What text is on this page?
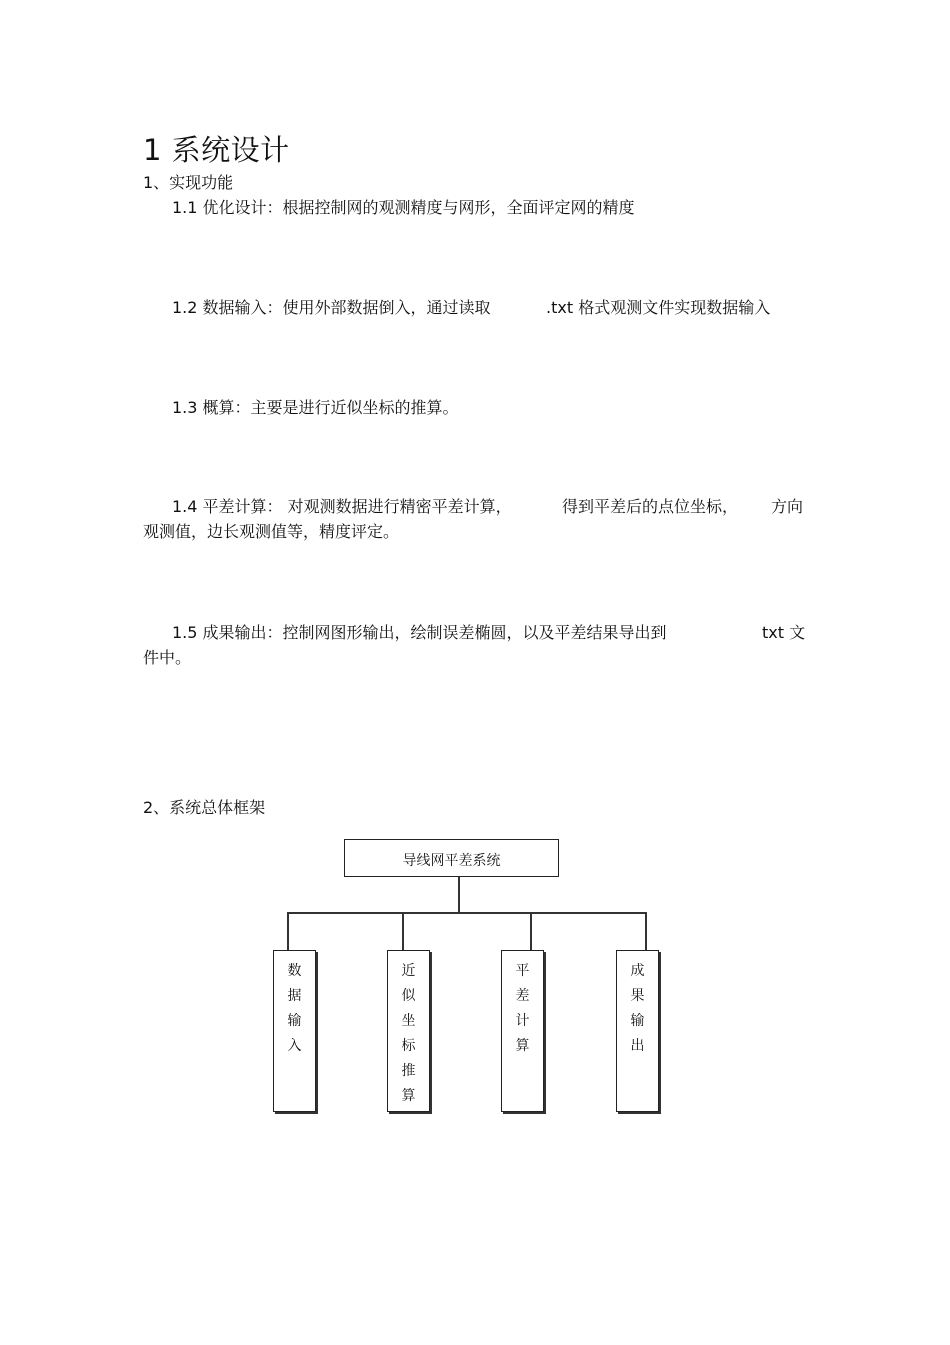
1 系统设计
1、实现功能
1.1 优化设计：根据控制网的观测精度与网形，全面评定网的精度
1.2 数据输入：使用外部数据倒入，通过读取	.txt 格式观测文件实现数据输入
1.3 概算：主要是进行近似坐标的推算。
1.4 平差计算： 对观测数据进行精密平差计算，	得到平差后的点位坐标， 方向
观测值，边长观测值等，精度评定。
1.5 成果输出：控制网图形输出，绘制误差椭圆，以及平差结果导出到	txt 文
件中。
2、系统总体框架
导线网平差系统
数
据
输
入
近
似
坐
标
推
算
平
差
计
算
成
果
输
出
